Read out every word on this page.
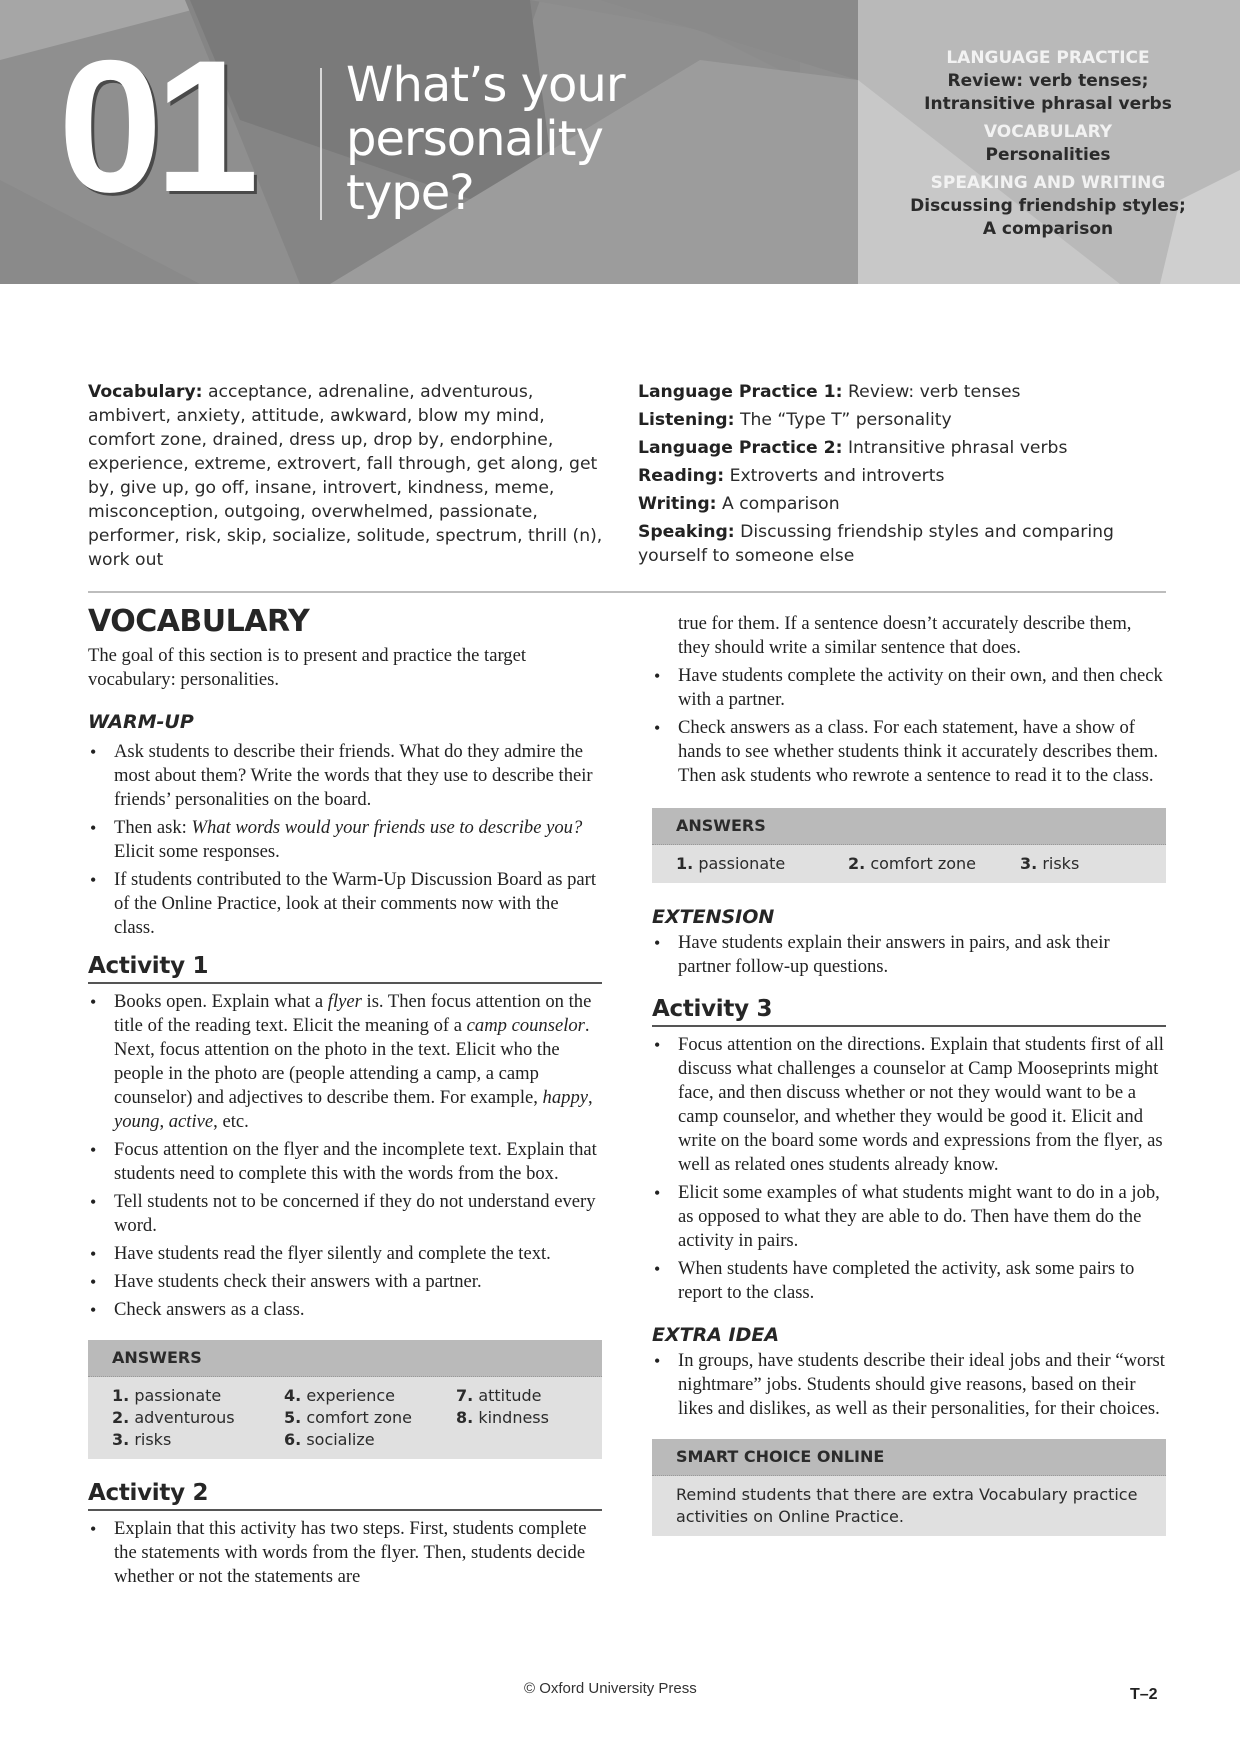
01 What’s your
personality
type?
LANGUAGE PRACTICE
Review: verb tenses;
Intransitive phrasal verbs
VOCABULARY
Personalities
SPEAKING AND WRITING
Discussing friendship styles;
A comparison
Vocabulary: acceptance, adrenaline, adventurous, ambivert, anxiety, attitude, awkward, blow my mind, comfort zone, drained, dress up, drop by, endorphine, experience, extreme, extrovert, fall through, get along, get by, give up, go off, insane, introvert, kindness, meme, misconception, outgoing, overwhelmed, passionate, performer, risk, skip, socialize, solitude, spectrum, thrill (n), work out
Language Practice 1: Review: verb tenses
Listening: The “Type T” personality
Language Practice 2: Intransitive phrasal verbs
Reading: Extroverts and introverts
Writing: A comparison
Speaking: Discussing friendship styles and comparing yourself to someone else
VOCABULARY

The goal of this section is to present and practice the target vocabulary: personalities.

WARM-UP
• Ask students to describe their friends. What do they admire the most about them? Write the words that they use to describe their friends’ personalities on the board.
• Then ask: What words would your friends use to describe you? Elicit some responses.
• If students contributed to the Warm-Up Discussion Board as part of the Online Practice, look at their comments now with the class.
Activity 1
• Books open. Explain what a flyer is. Then focus attention on the title of the reading text. Elicit the meaning of a camp counselor. Next, focus attention on the photo in the text. Elicit who the people in the photo are (people attending a camp, a camp counselor) and adjectives to describe them. For example, happy, young, active, etc.
• Focus attention on the flyer and the incomplete text. Explain that students need to complete this with the words from the box.
• Tell students not to be concerned if they do not understand every word.
• Have students read the flyer silently and complete the text.
• Have students check their answers with a partner.
• Check answers as a class.
ANSWERS
1. passionate	4. experience	7. attitude
2. adventurous	5. comfort zone	8. kindness
3. risks	6. socialize
Activity 2
• Explain that this activity has two steps. First, students complete the statements with words from the flyer. Then, students decide whether or not the statements are
true for them. If a sentence doesn’t accurately describe them, they should write a similar sentence that does.
• Have students complete the activity on their own, and then check with a partner.
• Check answers as a class. For each statement, have a show of hands to see whether students think it accurately describes them. Then ask students who rewrote a sentence to read it to the class.
ANSWERS
1. passionate	2. comfort zone	3. risks
EXTENSION
• Have students explain their answers in pairs, and ask their partner follow-up questions.
Activity 3
• Focus attention on the directions. Explain that students first of all discuss what challenges a counselor at Camp Mooseprints might face, and then discuss whether or not they would want to be a camp counselor, and whether they would be good it. Elicit and write on the board some words and expressions from the flyer, as well as related ones students already know.
• Elicit some examples of what students might want to do in a job, as opposed to what they are able to do. Then have them do the activity in pairs.
• When students have completed the activity, ask some pairs to report to the class.
EXTRA IDEA
• In groups, have students describe their ideal jobs and their “worst nightmare” jobs. Students should give reasons, based on their likes and dislikes, as well as their personalities, for their choices.
SMART CHOICE ONLINE
Remind students that there are extra Vocabulary practice activities on Online Practice.
© Oxford University Press	T–2
